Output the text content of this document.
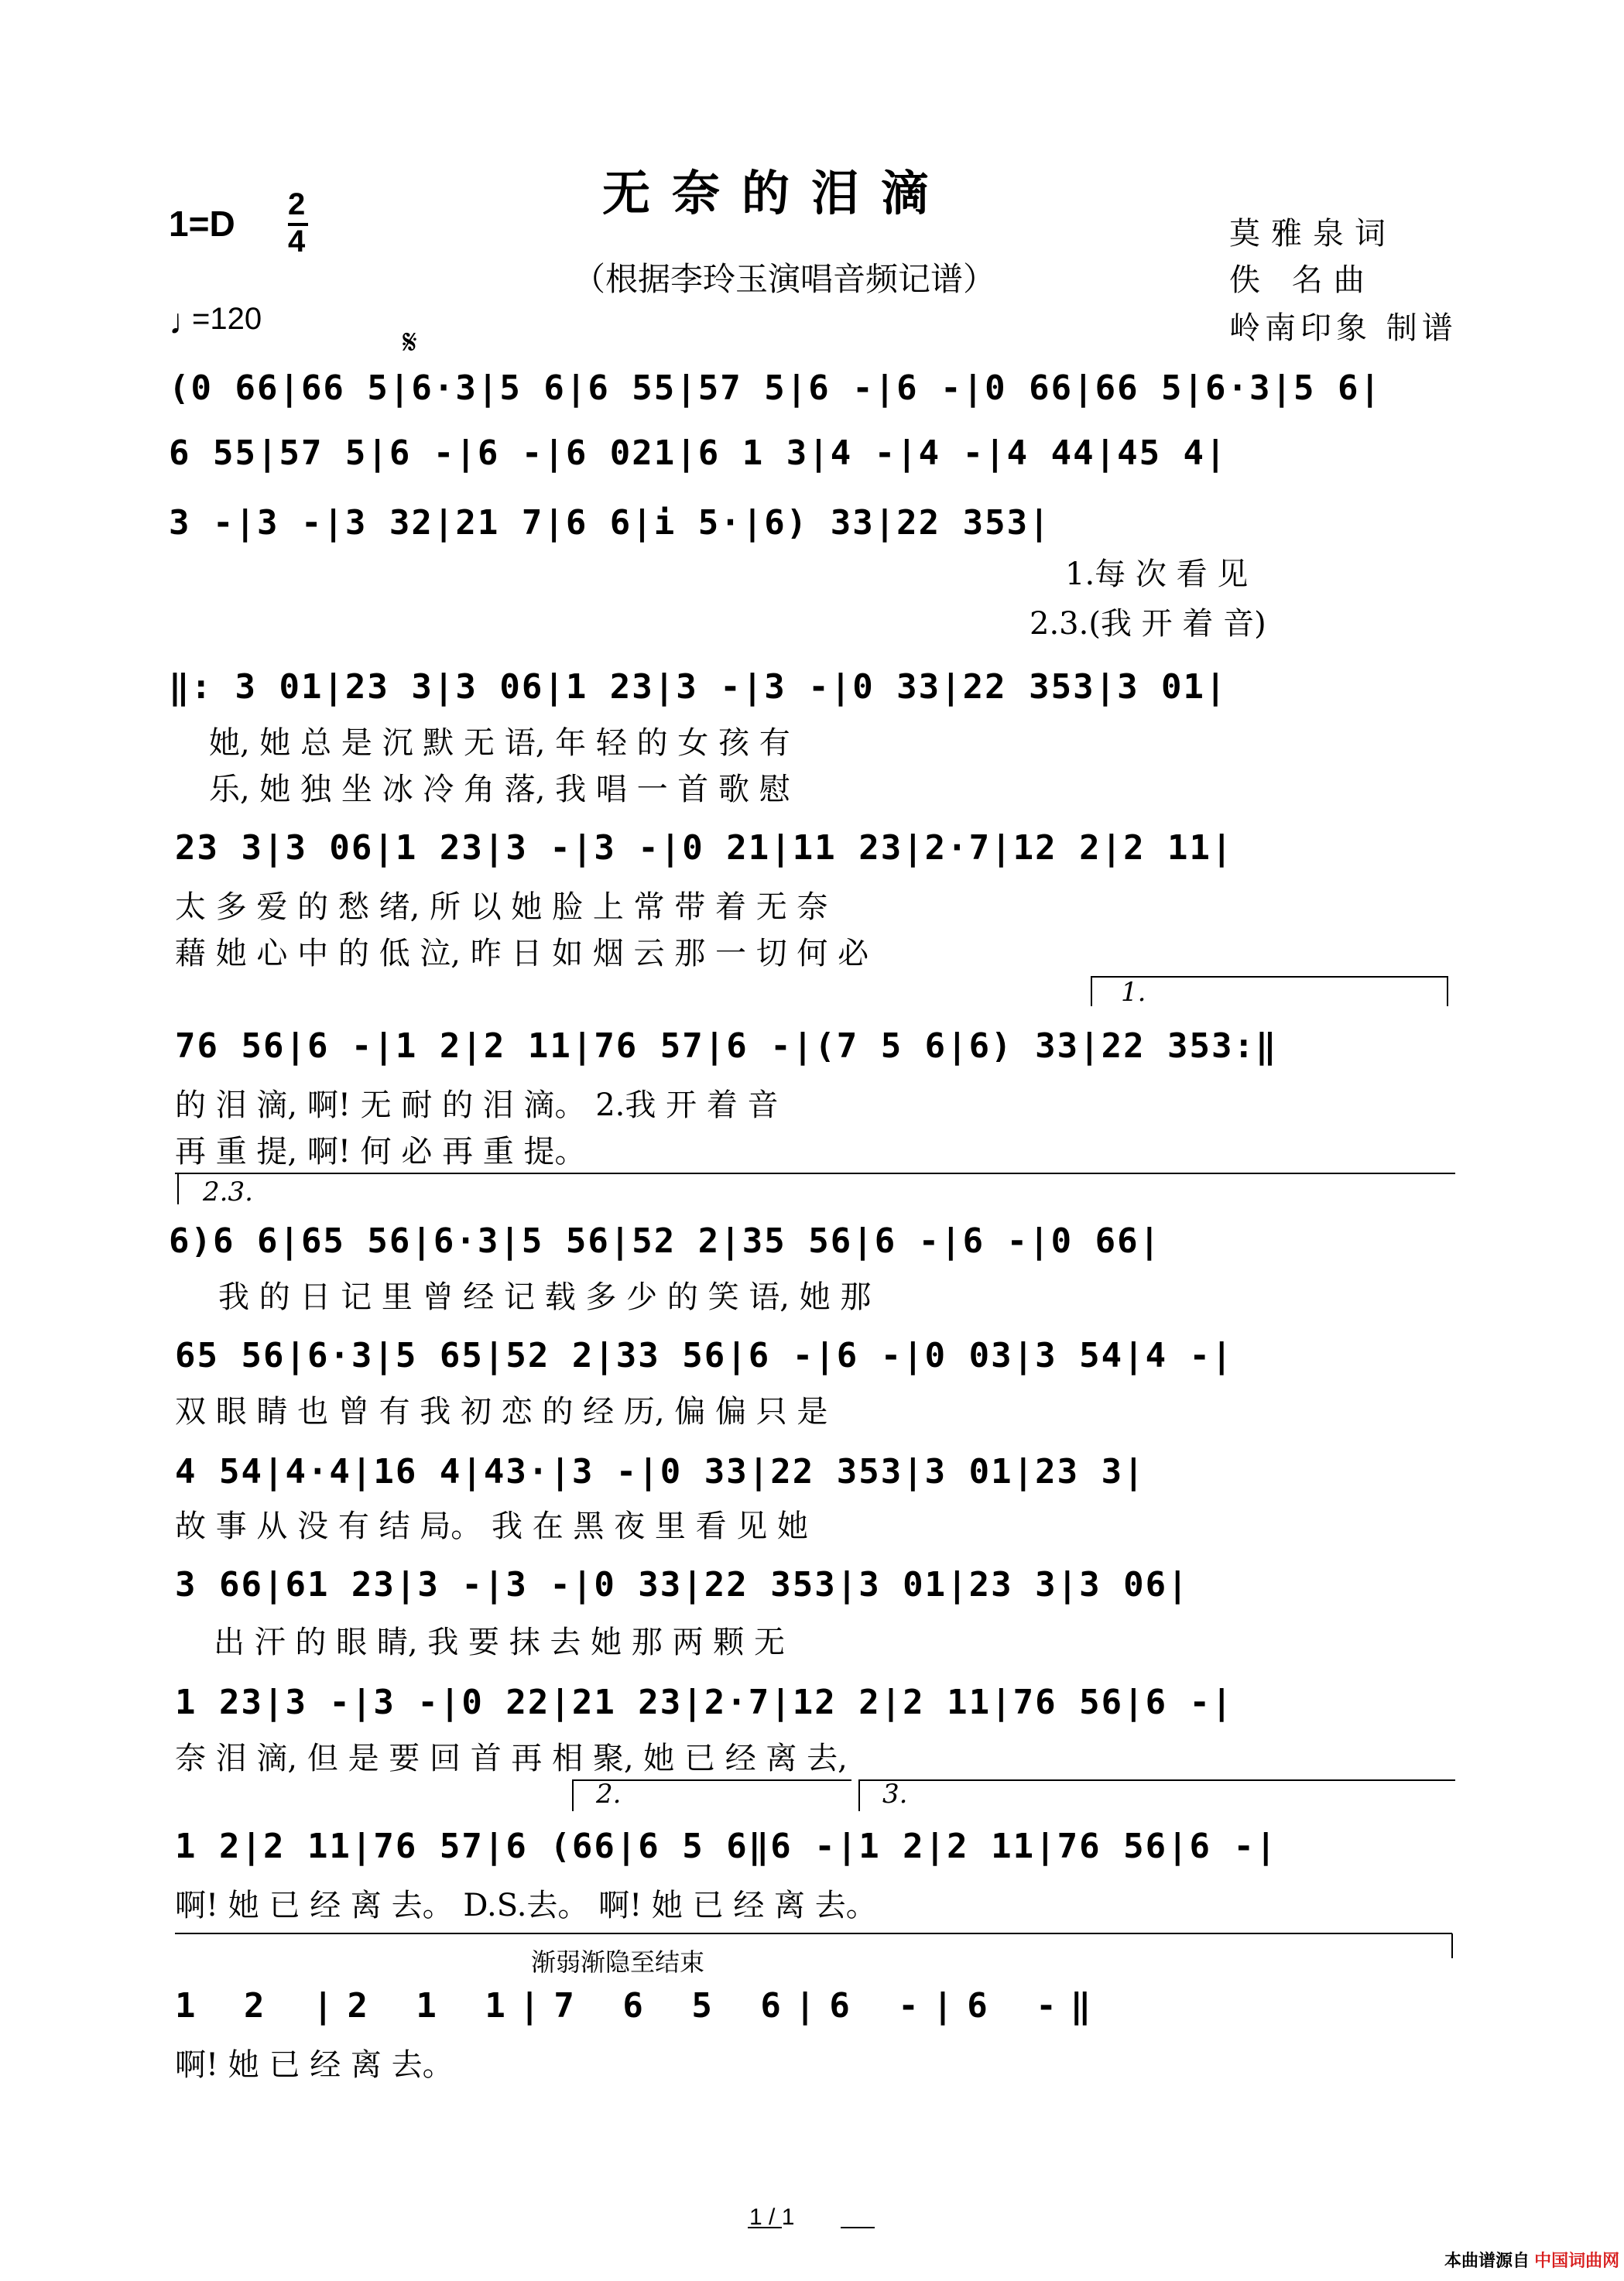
无奈的泪滴
（根据李玲玉演唱音频记谱）
1=D 2
4
♩
=120
莫雅泉词
佚 名曲
岭南印象 制谱
𝄋
(0 66|66 5|6·3|5 6|6 55|57 5|6 -|6 -|0 66|66 5|6·3|5 6|
6 55|57 5|6 -|6 -|6 021|6 1 3|4 -|4 -|4 44|45 4|
3 -|3 -|3 32|21 7|6 6|i 5·|6) 33|22 353|
1.每 次 看 见
2.3.(我 开 着 音)
‖: 3 01|23 3|3 06|1 23|3 -|3 -|0 33|22 353|3 01|
她, 她 总 是 沉 默 无 语, 年 轻 的 女 孩 有
乐, 她 独 坐 冰 冷 角 落, 我 唱 一 首 歌 慰
23 3|3 06|1 23|3 -|3 -|0 21|11 23|2·7|12 2|2 11|
太 多 爱 的 愁 绪, 所 以 她 脸 上 常 带 着 无 奈
藉 她 心 中 的 低 泣, 昨 日 如 烟 云 那 一 切 何 必
1.
76 56|6 -|1 2|2 11|76 57|6 -|(7 5 6|6) 33|22 353:‖
的 泪 滴, 啊! 无 耐 的 泪 滴。 2.我 开 着 音
再 重 提, 啊! 何 必 再 重 提。
2.3.
6)6 6|65 56|6·3|5 56|52 2|35 56|6 -|6 -|0 66|
我 的 日 记 里 曾 经 记 载 多 少 的 笑 语, 她 那
65 56|6·3|5 65|52 2|33 56|6 -|6 -|0 03|3 54|4 -|
双 眼 睛 也 曾 有 我 初 恋 的 经 历, 偏 偏 只 是
4 54|4·4|16 4|43·|3 -|0 33|22 353|3 01|23 3|
故 事 从 没 有 结 局。 我 在 黑 夜 里 看 见 她
3 66|61 23|3 -|3 -|0 33|22 353|3 01|23 3|3 06|
出 汗 的 眼 睛, 我 要 抹 去 她 那 两 颗 无
1 23|3 -|3 -|0 22|21 23|2·7|12 2|2 11|76 56|6 -|
奈 泪 滴, 但 是 要 回 首 再 相 聚, 她 已 经 离 去,
2.	3.
1 2|2 11|76 57|6 (66|6 5 6‖6 -|1 2|2 11|76 56|6 -|
啊! 她 已 经 离 去。 D.S.去。 啊! 她 已 经 离 去。
渐弱渐隐至结束
1 2 |2 1 1|7 6 5 6|6 -|6 -‖
啊! 她 已 经 离 去。
1 / 1
本曲谱源自 中国词曲网
